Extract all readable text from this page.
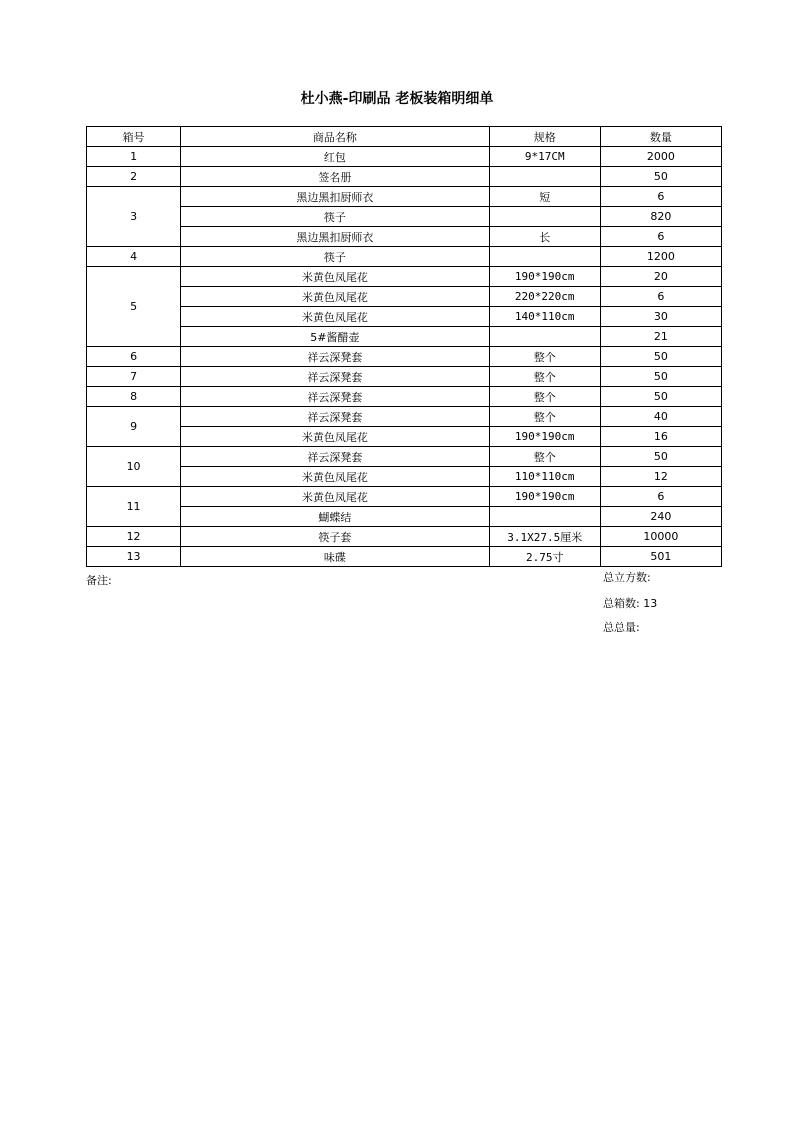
杜小燕-印刷品 老板装箱明细单
箱号	商品名称	规格	数量
1	红包	9*17CM	2000
2	签名册		50
3	黑边黑扣厨师衣	短	6
	筷子		820
	黑边黑扣厨师衣	长	6
4	筷子		1200
5	米黄色凤尾花	190*190cm	20
	米黄色凤尾花	220*220cm	6
	米黄色凤尾花	140*110cm	30
	5#酱醋壶		21
6	祥云深凳套	整个	50
7	祥云深凳套	整个	50
8	祥云深凳套	整个	50
9	祥云深凳套	整个	40
	米黄色凤尾花	190*190cm	16
10	祥云深凳套	整个	50
	米黄色凤尾花	110*110cm	12
11	米黄色凤尾花	190*190cm	6
	蝴蝶结		240
12	筷子套	3.1X27.5厘米	10000
13	味碟	2.75寸	501
备注:	总立方数:
总箱数: 13
总总量:
